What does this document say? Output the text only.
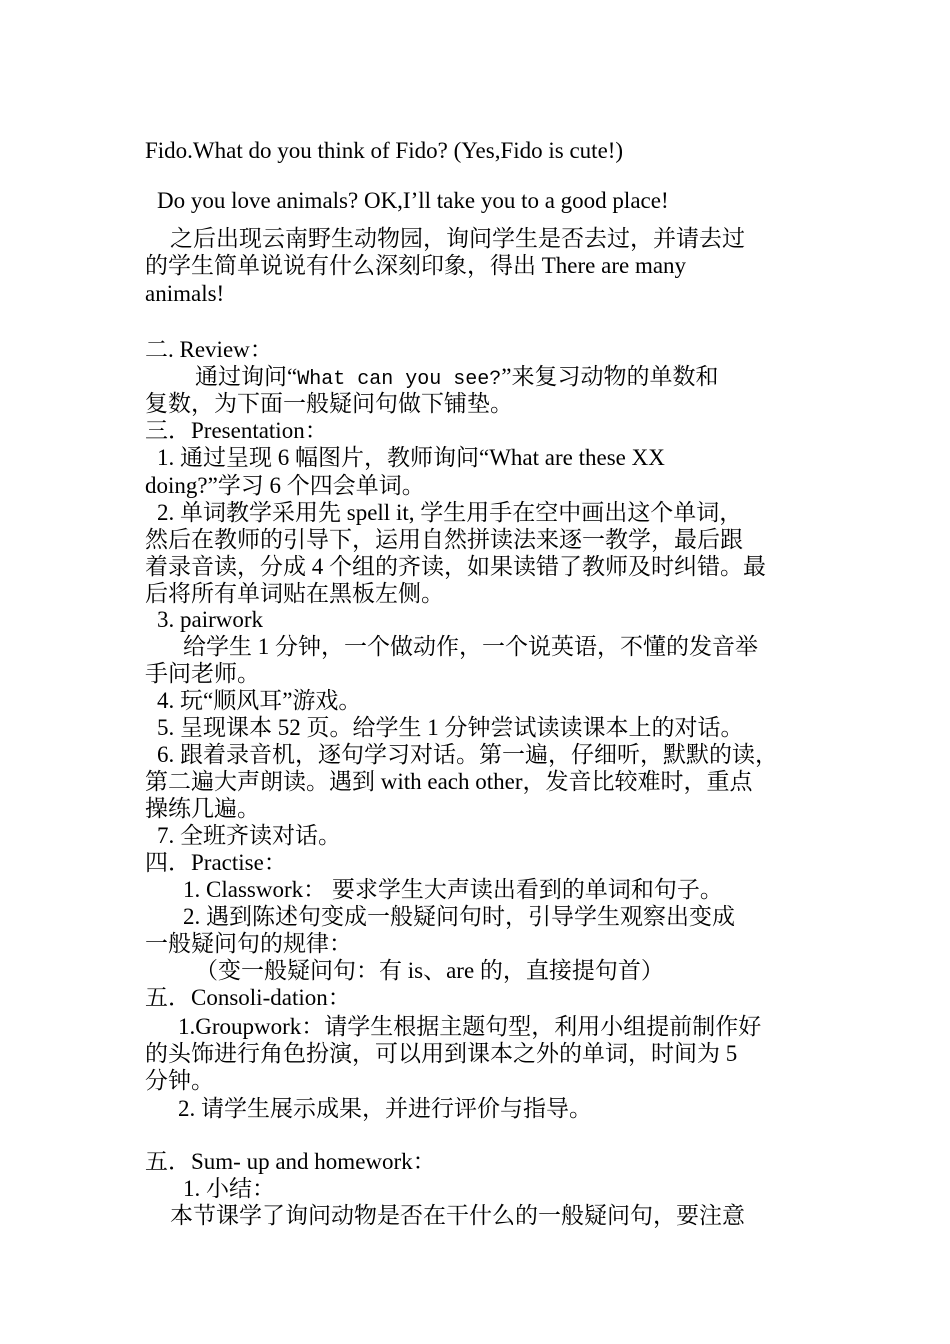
Fido.What do you think of Fido? (Yes,Fido is cute!)
Do you love animals? OK,I’ll take you to a good place!
之后出现云南野生动物园，询问学生是否去过，并请去过
的学生简单说说有什么深刻印象，得出 There are many
animals!
二. Review：
通过询问“What can you see?”来复习动物的单数和
复数，为下面一般疑问句做下铺垫。
三．Presentation：
1. 通过呈现 6 幅图片，教师询问“What are these XX
doing?”学习 6 个四会单词。
2. 单词教学采用先 spell it, 学生用手在空中画出这个单词，
然后在教师的引导下，运用自然拼读法来逐一教学，最后跟
着录音读，分成 4 个组的齐读，如果读错了教师及时纠错。最
后将所有单词贴在黑板左侧。
3. pairwork
给学生 1 分钟，一个做动作，一个说英语，不懂的发音举
手问老师。
4. 玩“顺风耳”游戏。
5. 呈现课本 52 页。给学生 1 分钟尝试读读课本上的对话。
6. 跟着录音机，逐句学习对话。第一遍，仔细听，默默的读，
第二遍大声朗读。遇到 with each other，发音比较难时，重点
操练几遍。
7. 全班齐读对话。
四．Practise：
1. Classwork： 要求学生大声读出看到的单词和句子。
2. 遇到陈述句变成一般疑问句时，引导学生观察出变成
一般疑问句的规律：
（变一般疑问句：有 is、are 的，直接提句首）
五．Consoli-dation：
1.Groupwork：请学生根据主题句型，利用小组提前制作好
的头饰进行角色扮演，可以用到课本之外的单词，时间为 5
分钟。
2. 请学生展示成果，并进行评价与指导。
五．Sum- up and homework：
1. 小结：
本节课学了询问动物是否在干什么的一般疑问句，要注意
